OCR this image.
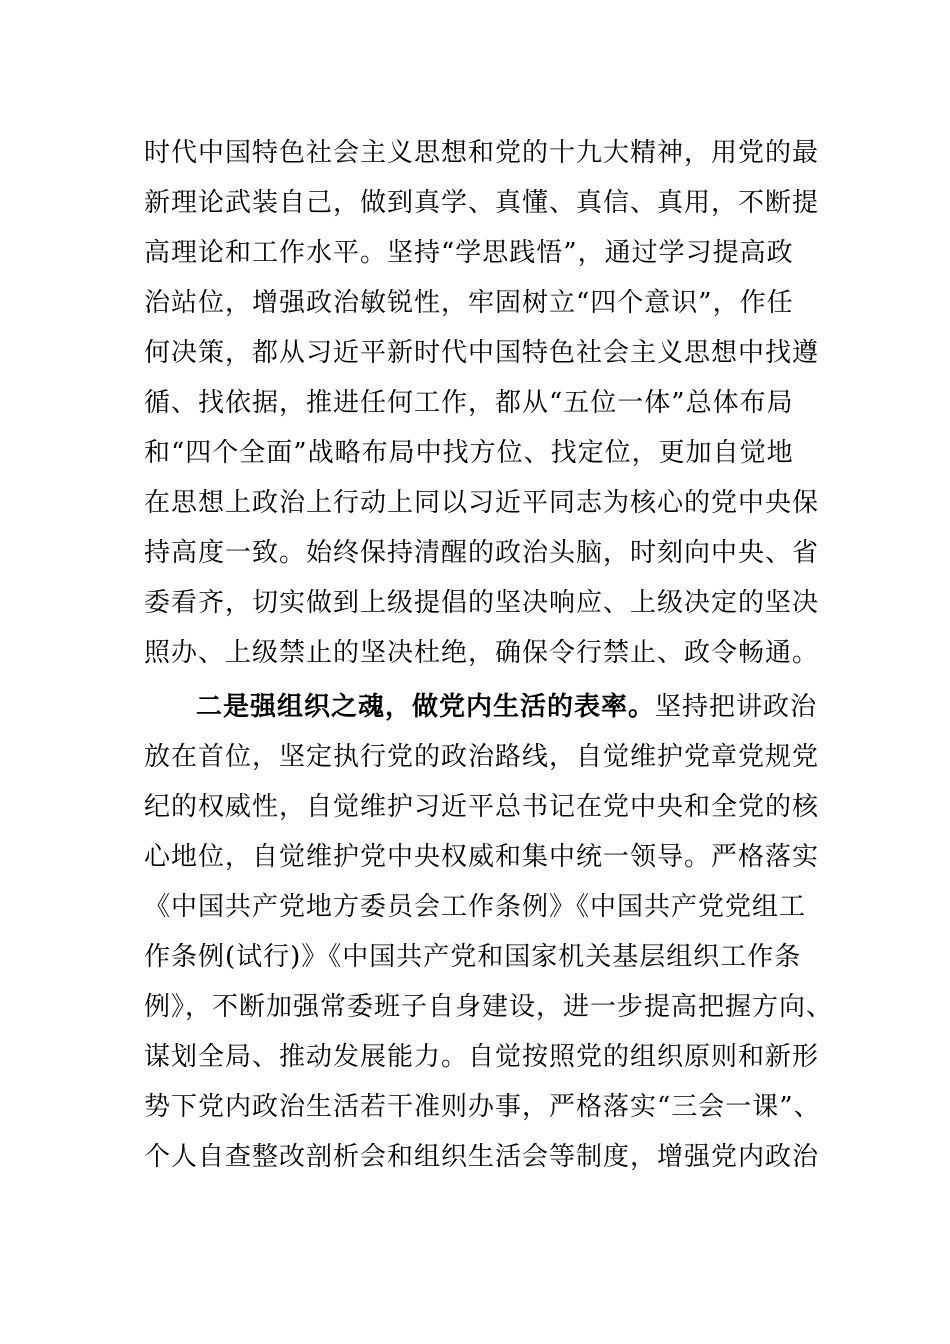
时代中国特色社会主义思想和党的十九大精神，用党的最
新理论武装自己，做到真学、真懂、真信、真用，不断提
高理论和工作水平。坚持“学思践悟”，通过学习提高政
治站位，增强政治敏锐性，牢固树立“四个意识”，作任
何决策，都从习近平新时代中国特色社会主义思想中找遵
循、找依据，推进任何工作，都从“五位一体”总体布局
和“四个全面”战略布局中找方位、找定位，更加自觉地
在思想上政治上行动上同以习近平同志为核心的党中央保
持高度一致。始终保持清醒的政治头脑，时刻向中央、省
委看齐，切实做到上级提倡的坚决响应、上级决定的坚决
照办、上级禁止的坚决杜绝，确保令行禁止、政令畅通。
二是强组织之魂，做党内生活的表率。坚持把讲政治
放在首位，坚定执行党的政治路线，自觉维护党章党规党
纪的权威性，自觉维护习近平总书记在党中央和全党的核
心地位，自觉维护党中央权威和集中统一领导。严格落实
《中国共产党地方委员会工作条例》《中国共产党党组工
作条例(试行)》《中国共产党和国家机关基层组织工作条
例》，不断加强常委班子自身建设，进一步提高把握方向、
谋划全局、推动发展能力。自觉按照党的组织原则和新形
势下党内政治生活若干准则办事，严格落实“三会一课”、
个人自查整改剖析会和组织生活会等制度，增强党内政治
